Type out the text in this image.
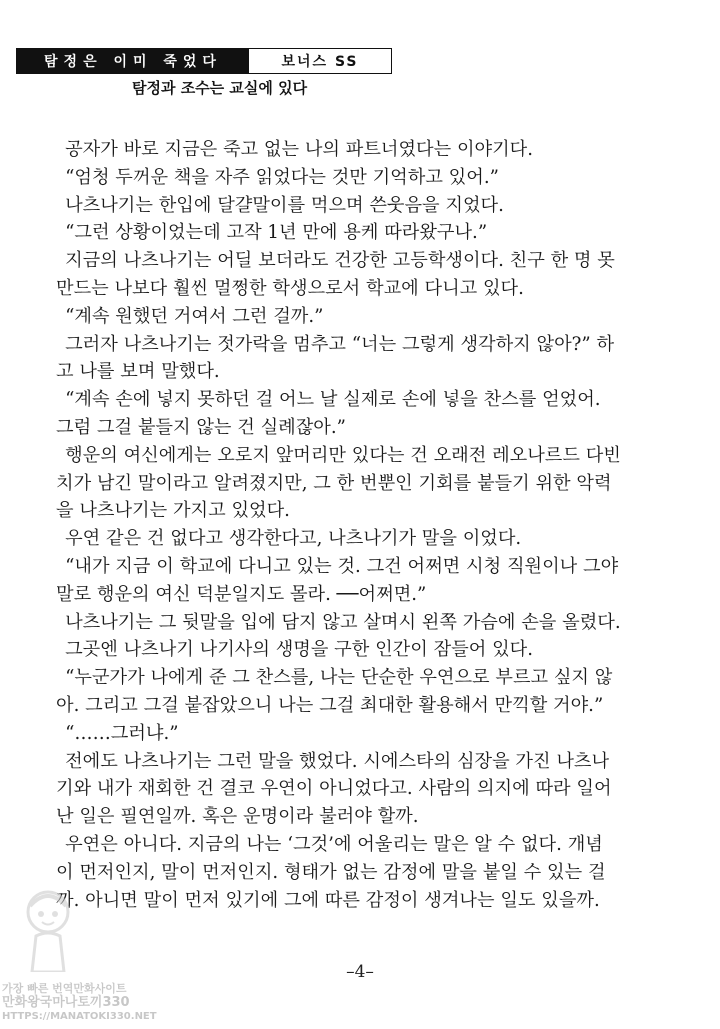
탐정은 이미 죽었다	보너스 SS
탐정과 조수는 교실에 있다
공자가 바로 지금은 죽고 없는 나의 파트너였다는 이야기다.
“엄청 두꺼운 책을 자주 읽었다는 것만 기억하고 있어.”
나츠나기는 한입에 달걀말이를 먹으며 쓴웃음을 지었다.
“그런 상황이었는데 고작 1년 만에 용케 따라왔구나.”
지금의 나츠나기는 어딜 보더라도 건강한 고등학생이다. 친구 한 명 못
만드는 나보다 훨씬 멀쩡한 학생으로서 학교에 다니고 있다.
“계속 원했던 거여서 그런 걸까.”
그러자 나츠나기는 젓가락을 멈추고 “너는 그렇게 생각하지 않아?” 하
고 나를 보며 말했다.
“계속 손에 넣지 못하던 걸 어느 날 실제로 손에 넣을 찬스를 얻었어.
그럼 그걸 붙들지 않는 건 실례잖아.”
행운의 여신에게는 오로지 앞머리만 있다는 건 오래전 레오나르드 다빈
치가 남긴 말이라고 알려졌지만, 그 한 번뿐인 기회를 붙들기 위한 악력
을 나츠나기는 가지고 있었다.
우연 같은 건 없다고 생각한다고, 나츠나기가 말을 이었다.
“내가 지금 이 학교에 다니고 있는 것. 그건 어쩌면 시청 직원이나 그야
말로 행운의 여신 덕분일지도 몰라. ──어쩌면.”
나츠나기는 그 뒷말을 입에 담지 않고 살며시 왼쪽 가슴에 손을 올렸다.
그곳엔 나츠나기 나기사의 생명을 구한 인간이 잠들어 있다.
“누군가가 나에게 준 그 찬스를, 나는 단순한 우연으로 부르고 싶지 않
아. 그리고 그걸 붙잡았으니 나는 그걸 최대한 활용해서 만끽할 거야.”
“……그러냐.”
전에도 나츠나기는 그런 말을 했었다. 시에스타의 심장을 가진 나츠나
기와 내가 재회한 건 결코 우연이 아니었다고. 사람의 의지에 따라 일어
난 일은 필연일까. 혹은 운명이라 불러야 할까.
우연은 아니다. 지금의 나는 ‘그것’에 어울리는 말은 알 수 없다. 개념
이 먼저인지, 말이 먼저인지. 형태가 없는 감정에 말을 붙일 수 있는 걸
까. 아니면 말이 먼저 있기에 그에 따른 감정이 생겨나는 일도 있을까.
–4–
가장 빠른 번역만화사이트
만화왕국마나토끼330
HTTPS://MANATOKI330.NET
